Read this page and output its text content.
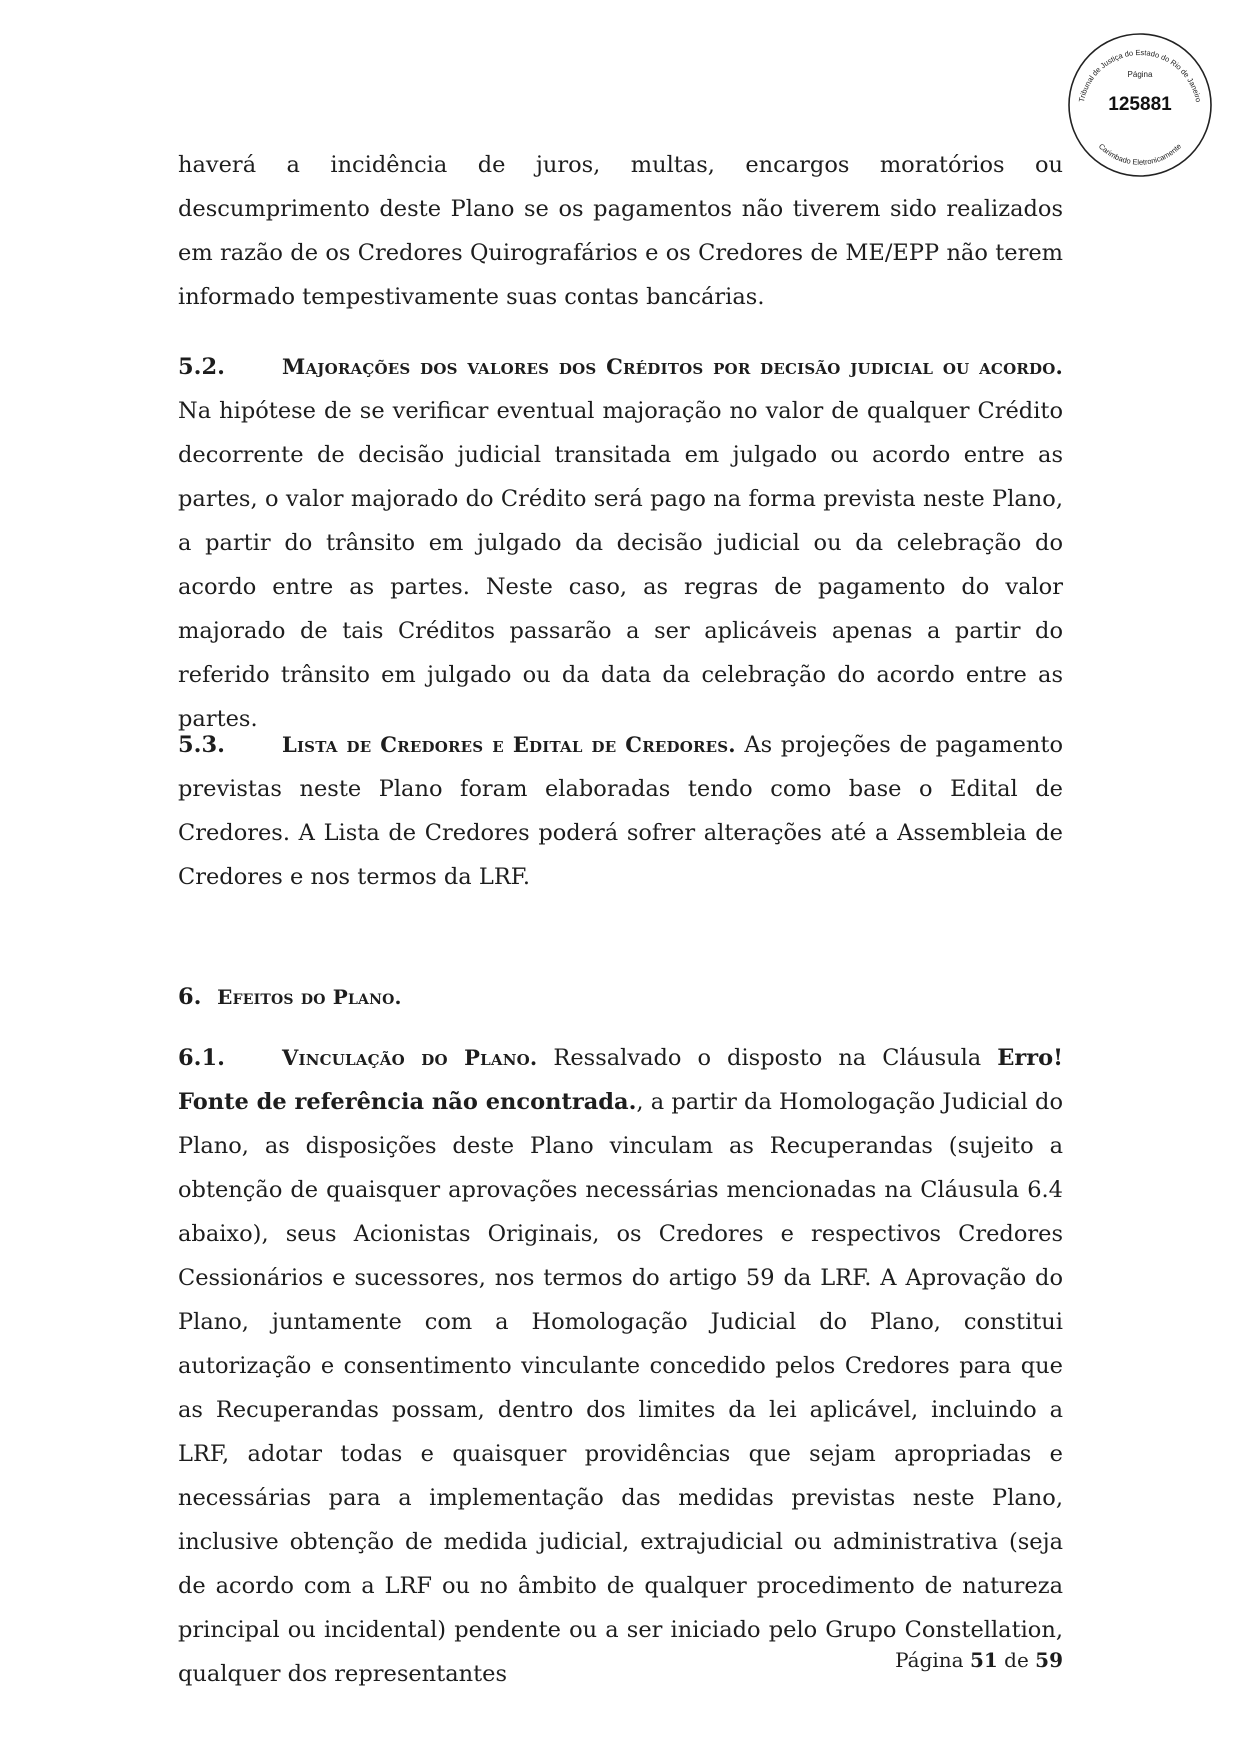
Tribunal de Justiça do Estado do Rio de Janeiro
Página
125881
Carimbado Eletronicamente

haverá a incidência de juros, multas, encargos moratórios ou descumprimento deste Plano se os pagamentos não tiverem sido realizados em razão de os Credores Quirografários e os Credores de ME/EPP não terem informado tempestivamente suas contas bancárias.

5.2.	Majorações dos valores dos Créditos por decisão judicial ou acordo. Na hipótese de se verificar eventual majoração no valor de qualquer Crédito decorrente de decisão judicial transitada em julgado ou acordo entre as partes, o valor majorado do Crédito será pago na forma prevista neste Plano, a partir do trânsito em julgado da decisão judicial ou da celebração do acordo entre as partes. Neste caso, as regras de pagamento do valor majorado de tais Créditos passarão a ser aplicáveis apenas a partir do referido trânsito em julgado ou da data da celebração do acordo entre as partes.

5.3.	Lista de Credores e Edital de Credores. As projeções de pagamento previstas neste Plano foram elaboradas tendo como base o Edital de Credores. A Lista de Credores poderá sofrer alterações até a Assembleia de Credores e nos termos da LRF.

6. Efeitos do Plano.

6.1.	Vinculação do Plano. Ressalvado o disposto na Cláusula Erro! Fonte de referência não encontrada., a partir da Homologação Judicial do Plano, as disposições deste Plano vinculam as Recuperandas (sujeito a obtenção de quaisquer aprovações necessárias mencionadas na Cláusula 6.4 abaixo), seus Acionistas Originais, os Credores e respectivos Credores Cessionários e sucessores, nos termos do artigo 59 da LRF. A Aprovação do Plano, juntamente com a Homologação Judicial do Plano, constitui autorização e consentimento vinculante concedido pelos Credores para que as Recuperandas possam, dentro dos limites da lei aplicável, incluindo a LRF, adotar todas e quaisquer providências que sejam apropriadas e necessárias para a implementação das medidas previstas neste Plano, inclusive obtenção de medida judicial, extrajudicial ou administrativa (seja de acordo com a LRF ou no âmbito de qualquer procedimento de natureza principal ou incidental) pendente ou a ser iniciado pelo Grupo Constellation, qualquer dos representantes

Página 51 de 59
